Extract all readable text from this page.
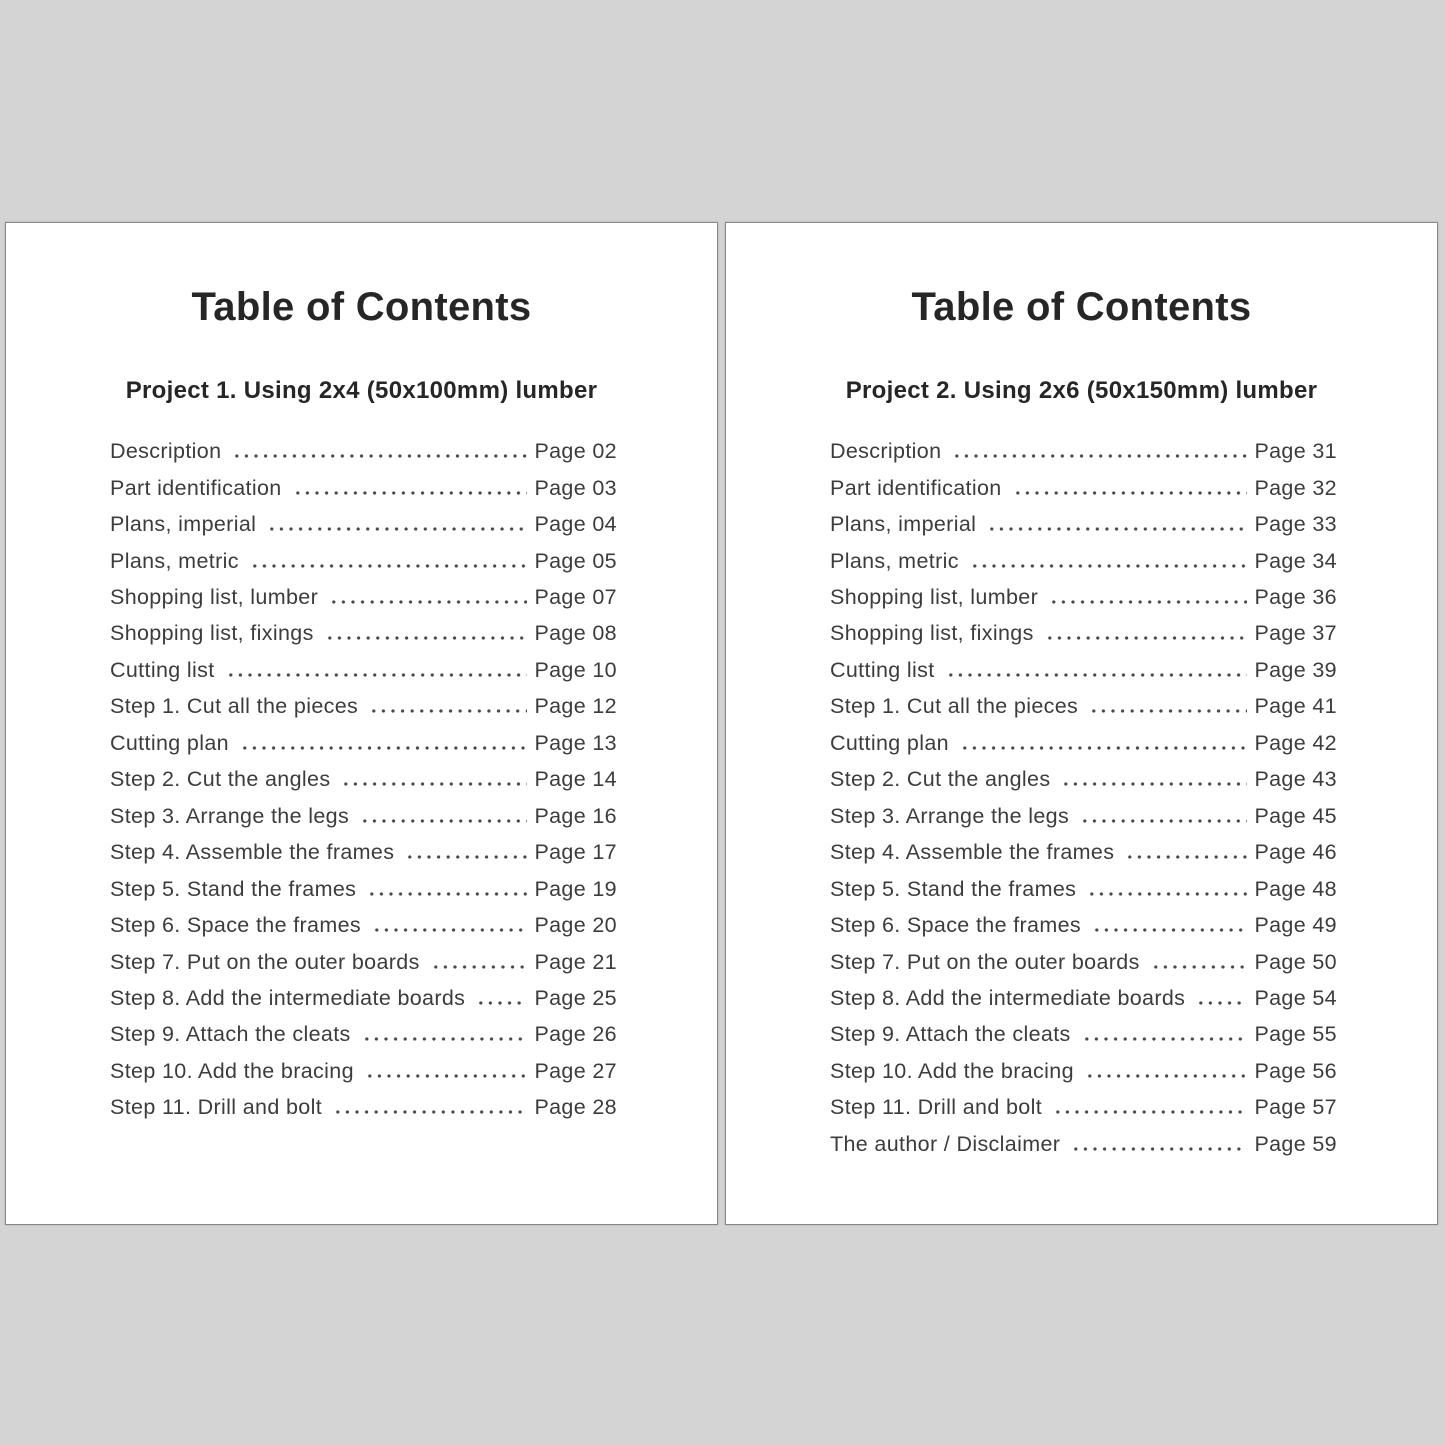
Table of Contents
Project 1. Using 2x4 (50x100mm) lumber
Description	Page 02
Part identification	Page 03
Plans, imperial	Page 04
Plans, metric	Page 05
Shopping list, lumber	Page 07
Shopping list, fixings	Page 08
Cutting list	Page 10
Step 1. Cut all the pieces	Page 12
Cutting plan	Page 13
Step 2. Cut the angles	Page 14
Step 3. Arrange the legs	Page 16
Step 4. Assemble the frames	Page 17
Step 5. Stand the frames	Page 19
Step 6. Space the frames	Page 20
Step 7. Put on the outer boards	Page 21
Step 8. Add the intermediate boards	Page 25
Step 9. Attach the cleats	Page 26
Step 10. Add the bracing	Page 27
Step 11. Drill and bolt	Page 28
Table of Contents
Project 2. Using 2x6 (50x150mm) lumber
Description	Page 31
Part identification	Page 32
Plans, imperial	Page 33
Plans, metric	Page 34
Shopping list, lumber	Page 36
Shopping list, fixings	Page 37
Cutting list	Page 39
Step 1. Cut all the pieces	Page 41
Cutting plan	Page 42
Step 2. Cut the angles	Page 43
Step 3. Arrange the legs	Page 45
Step 4. Assemble the frames	Page 46
Step 5. Stand the frames	Page 48
Step 6. Space the frames	Page 49
Step 7. Put on the outer boards	Page 50
Step 8. Add the intermediate boards	Page 54
Step 9. Attach the cleats	Page 55
Step 10. Add the bracing	Page 56
Step 11. Drill and bolt	Page 57
The author / Disclaimer	Page 59
